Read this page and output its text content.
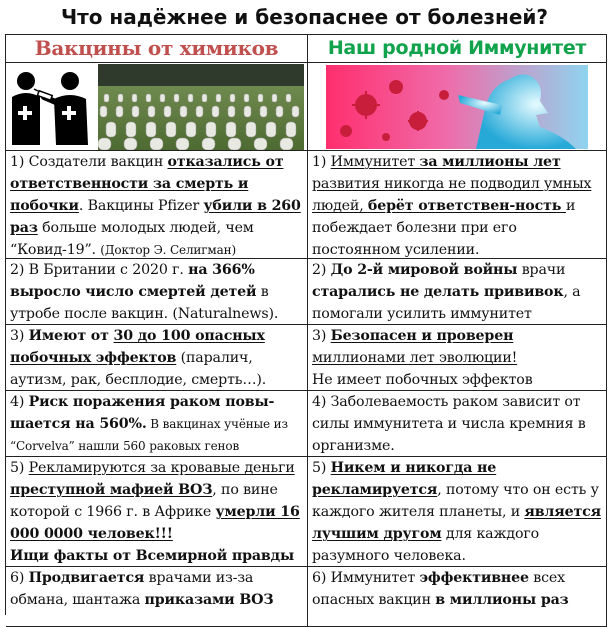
Что надёжнее и безопаснее от болезней?
Вакцины от химиков	Наш родной Иммунитет
1) Создатели вакцин отказались от ответственности за смерть и побочки. Вакцины Pfizer убили в 260 раз больше молодых людей, чем “Ковид-19”. (Доктор Э. Селигман)
1) Иммунитет за миллионы лет развития никогда не подводил умных людей, берёт ответствен-ность и побеждает болезни при его постоянном усилении.
2) В Британии с 2020 г. на 366% выросло число смертей детей в утробе после вакцин. (Naturalnews).
2) До 2-й мировой войны врачи старались не делать прививок, а помогали усилить иммунитет
3) Имеют от 30 до 100 опасных побочных эффектов (паралич, аутизм, рак, бесплодие, смерть…).
3) Безопасен и проверен
миллионами лет эволюции!
Не имеет побочных эффектов
4) Риск поражения раком повы-шается на 560%. В вакцинах учёные из “Corvelva” нашли 560 раковых генов
4) Заболеваемость раком зависит от силы иммунитета и числа кремния в организме.
5) Рекламируются за кровавые деньги преступной мафией ВОЗ, по вине которой с 1966 г. в Африке умерли 16 000 0000 человек!!!
Ищи факты от Всемирной правды
5) Никем и никогда не рекламируется, потому что он есть у каждого жителя планеты, и является лучшим другом для каждого разумного человека.
6) Продвигается врачами из-за обмана, шантажа приказами ВОЗ
6) Иммунитет эффективнее всех опасных вакцин в миллионы раз
